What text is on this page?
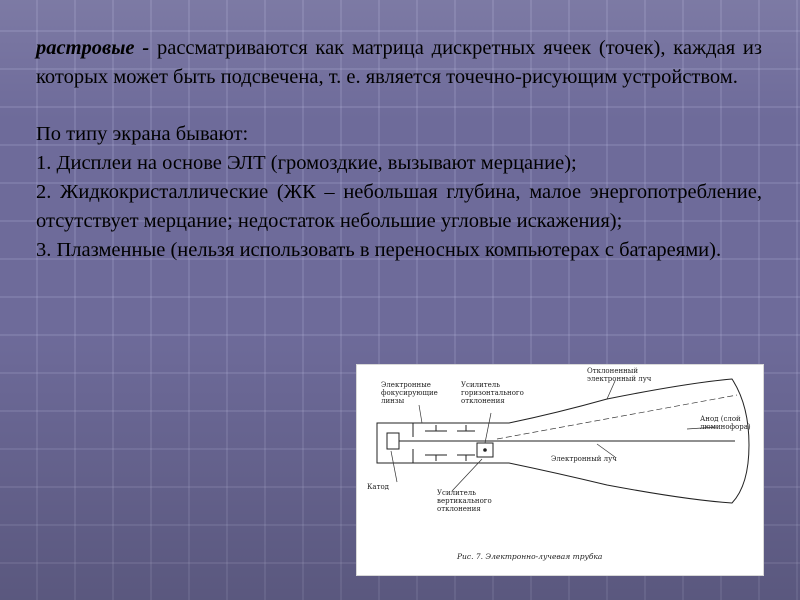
растровые - рассматриваются как матрица дискретных ячеек (точек), каждая из которых может быть подсвечена, т. е. является точечно-рисующим устройством.

По типу экрана бывают:

1. Дисплеи на основе ЭЛТ (громоздкие, вызывают мерцание);

2. Жидкокристаллические (ЖК – небольшая глубина, малое энергопотребление, отсутствует мерцание; недостаток небольшие угловые искажения);

3. Плазменные (нельзя использовать в переносных компьютерах с батареями).

Электронные фокусирующие линзы
Усилитель горизонтального отклонения
Отклоненный электронный луч
Анод (слой люминофора)
Электронный луч
Катод
Усилитель вертикального отклонения
Рис. 7. Электронно-лучевая трубка
